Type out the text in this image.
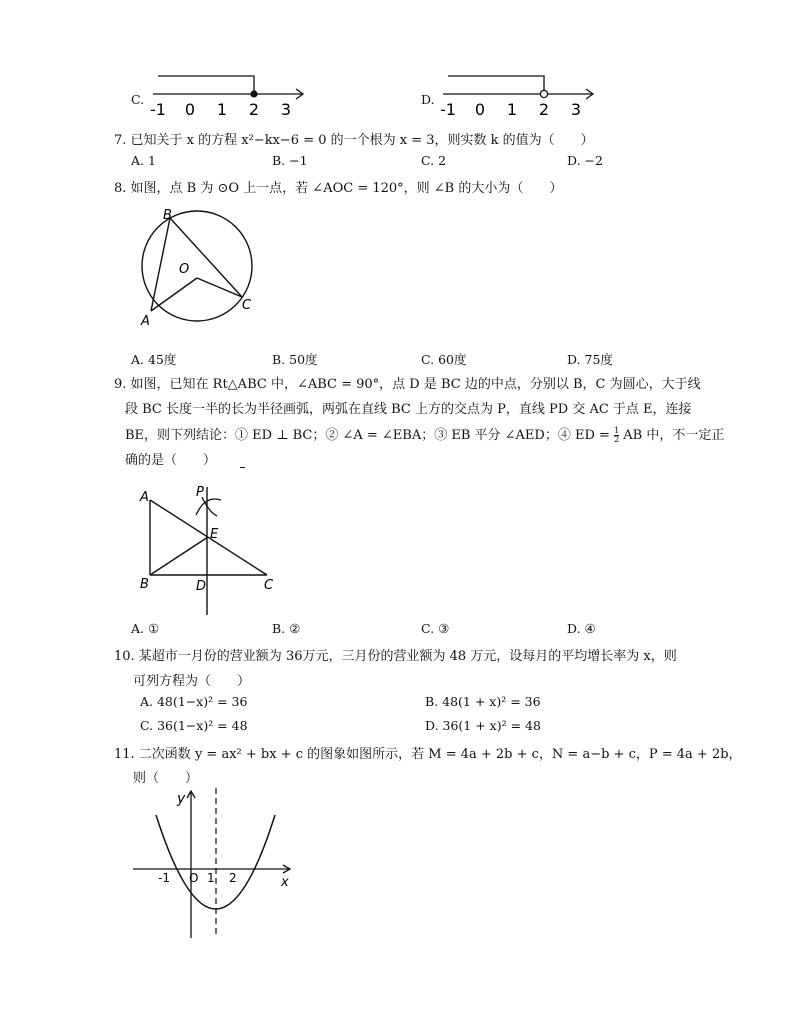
C.
-1 0 1 2 3
D.
-1 0 1 2 3
7. 已知关于 x 的方程 x²−kx−6 = 0 的一个根为 x = 3，则实数 k 的值为（　　）
A. 1	B. −1	C. 2	D. −2
8. 如图，点 B 为 ⊙O 上一点，若 ∠AOC = 120°，则 ∠B 的大小为（　　）
B
O
A
C
A. 45度	B. 50度	C. 60度	D. 75度
9. 如图，已知在 Rt△ABC 中，∠ABC = 90°，点 D 是 BC 边的中点，分别以 B，C 为圆心，大于线
段 BC 长度一半的长为半径画弧，两弧在直线 BC 上方的交点为 P，直线 PD 交 AC 于点 E，连接
BE，则下列结论：① ED ⊥ BC；② ∠A = ∠EBA；③ EB 平分 ∠AED；④ ED = $\frac{1}{2}$ AB 中，不一定正
确的是（　　）
A	P
E
B	D	C
A. ①	B. ②	C. ③	D. ④
10. 某超市一月份的营业额为 36万元，三月份的营业额为 48 万元，设每月的平均增长率为 x，则
可列方程为（　　）
A. 48(1−x)² = 36	B. 48(1 + x)² = 36
C. 36(1−x)² = 48	D. 36(1 + x)² = 48
11. 二次函数 y = ax² + bx + c 的图象如图所示，若 M = 4a + 2b + c，N = a−b + c，P = 4a + 2b，
则（　　）
y
x
-1 O 1 2
